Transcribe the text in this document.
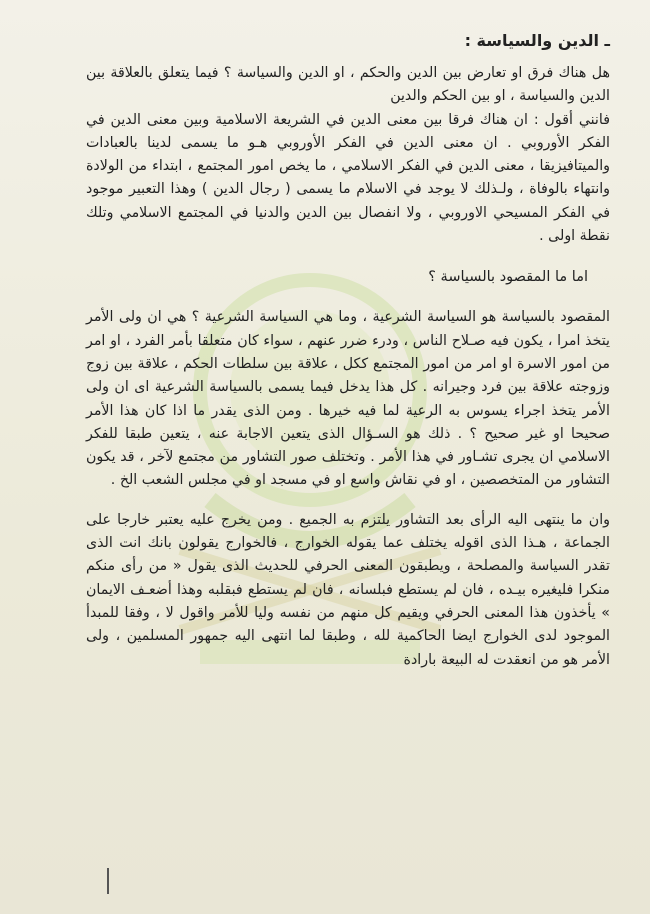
ـ الدين والسياسة :

هل هناك فرق او تعارض بين الدين والحكم ، او الدين والسياسة ؟ فيما يتعلق بالعلاقة بين الدين والسياسة ، او بين الحكم والدين

فانني أقول : ان هناك فرقا بين معنى الدين في الشريعة الاسلامية وبين معنى الدين في الفكر الأوروبي . ان معنى الدين في الفكر الأوروبي هـو ما يسمى لدينا بالعبادات والميتافيزيقا ، معنى الدين في الفكر الاسلامي ، ما يخص امور المجتمع ، ابتداء من الولادة وانتهاء بالوفاة ، ولـذلك لا يوجد في الاسلام ما يسمى ( رجال الدين ) وهذا التعبير موجود في الفكر المسيحي الاوروبي ، ولا انفصال بين الدين والدنيا في المجتمع الاسلامي وتلك نقطة اولى .

اما ما المقصود بالسياسة ؟

المقصود بالسياسة هو السياسة الشرعية ، وما هي السياسة الشرعية ؟ هي ان ولى الأمر يتخذ امرا ، يكون فيه صـلاح الناس ، ودرء ضرر عنهم ، سواء كان متعلقا بأمر الفرد ، او امر من امور الاسرة او امر من امور المجتمع ككل ، علاقة بين سلطات الحكم ، علاقة بين زوج وزوجته علاقة بين فرد وجيرانه . كل هذا يدخل فيما يسمى بالسياسة الشرعية اى ان ولى الأمر يتخذ اجراء يسوس به الرعية لما فيه خيرها . ومن الذى يقدر ما اذا كان هذا الأمر صحيحا او غير صحيح ؟ . ذلك هو السـؤال الذى يتعين الاجابة عنه ، يتعين طبقا للفكر الاسلامي ان يجرى تشـاور في هذا الأمر . وتختلف صور التشاور من مجتمع لآخر ، قد يكون التشاور من المتخصصين ، او في نقاش واسع او في مسجد او في مجلس الشعب الخ .

وان ما ينتهى اليه الرأى بعد التشاور يلتزم به الجميع . ومن يخرج عليه يعتبر خارجا على الجماعة ، هـذا الذى اقوله يختلف عما يقوله الخوارج ، فالخوارج يقولون بانك انت الذى تقدر السياسة والمصلحة ، ويطبقون المعنى الحرفي للحديث الذى يقول « من رأى منكم منكرا فليغيره بيـده ، فان لم يستطع فبلسانه ، فان لم يستطع فبقلبه وهذا أضعـف الايمان » يأخذون هذا المعنى الحرفي ويقيم كل منهم من نفسه وليا للأمر واقول لا ، وفقا للمبدأ الموجود لدى الخوارج ايضا الحاكمية لله ، وطبقا لما انتهى اليه جمهور المسلمين ، ولى الأمر هو من انعقدت له البيعة بارادة
